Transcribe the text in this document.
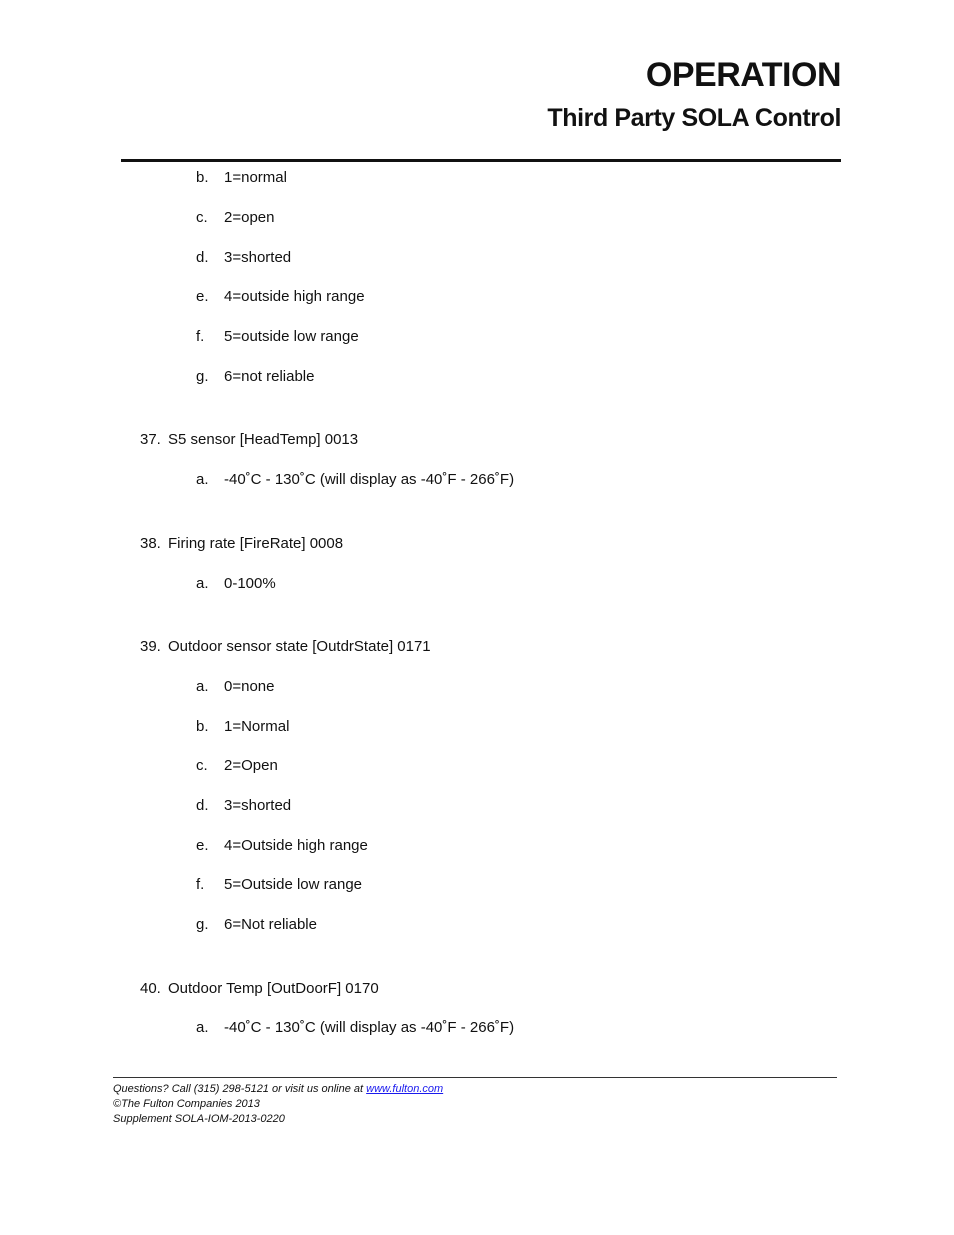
OPERATION
Third Party SOLA Control
b. 1=normal
c. 2=open
d. 3=shorted
e. 4=outside high range
f. 5=outside low range
g. 6=not reliable
37. S5 sensor [HeadTemp] 0013
a. -40˚C - 130˚C (will display as -40˚F - 266˚F)
38. Firing rate [FireRate] 0008
a. 0-100%
39. Outdoor sensor state [OutdrState] 0171
a. 0=none
b. 1=Normal
c. 2=Open
d. 3=shorted
e. 4=Outside high range
f. 5=Outside low range
g. 6=Not reliable
40. Outdoor Temp [OutDoorF] 0170
a. -40˚C - 130˚C (will display as -40˚F - 266˚F)
Questions? Call (315) 298-5121 or visit us online at www.fulton.com
©The Fulton Companies 2013
Supplement SOLA-IOM-2013-0220
